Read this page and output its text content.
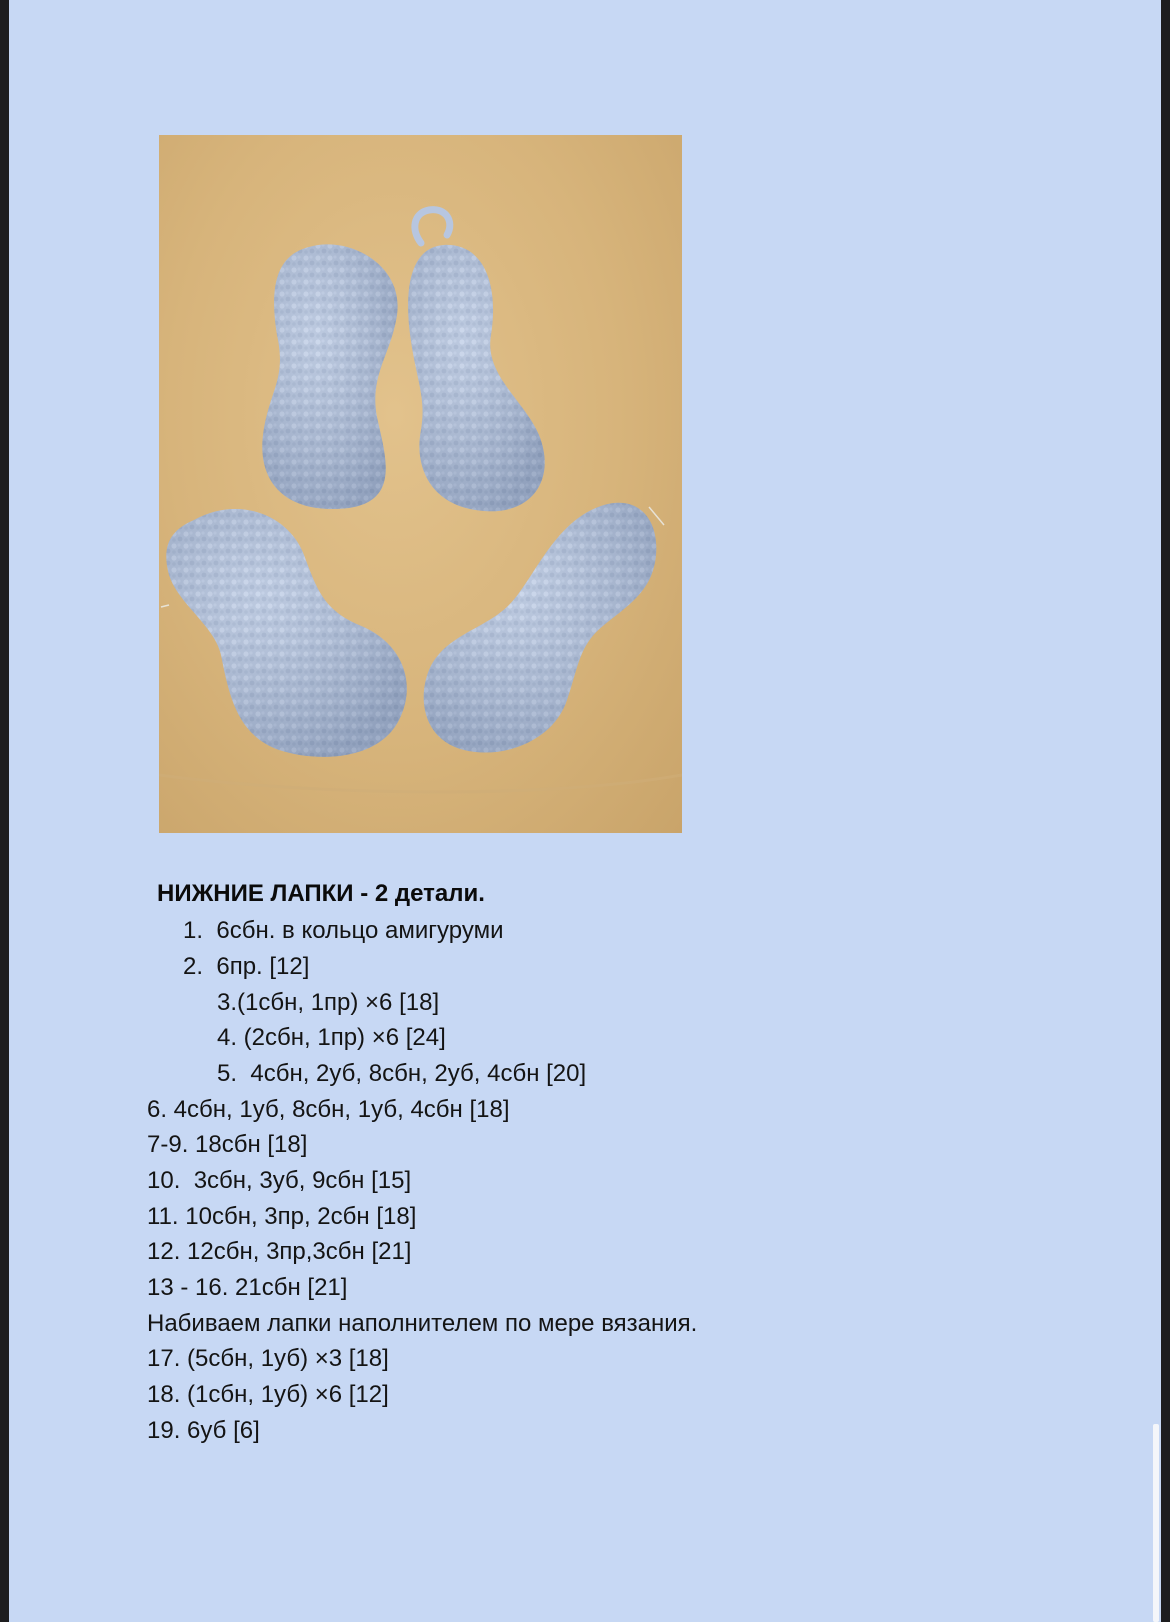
НИЖНИЕ ЛАПКИ - 2 детали.
1.  6сбн. в кольцо амигуруми
2.  6пр. [12]
3.(1сбн, 1пр) ×6 [18]
4. (2сбн, 1пр) ×6 [24]
5.  4сбн, 2уб, 8сбн, 2уб, 4сбн [20]
6. 4сбн, 1уб, 8сбн, 1уб, 4сбн [18]
7-9. 18сбн [18]
10.  3сбн, 3уб, 9сбн [15]
11. 10сбн, 3пр, 2сбн [18]
12. 12сбн, 3пр,3сбн [21]
13 - 16. 21сбн [21]
Набиваем лапки наполнителем по мере вязания.
17. (5сбн, 1уб) ×3 [18]
18. (1сбн, 1уб) ×6 [12]
19. 6уб [6]
